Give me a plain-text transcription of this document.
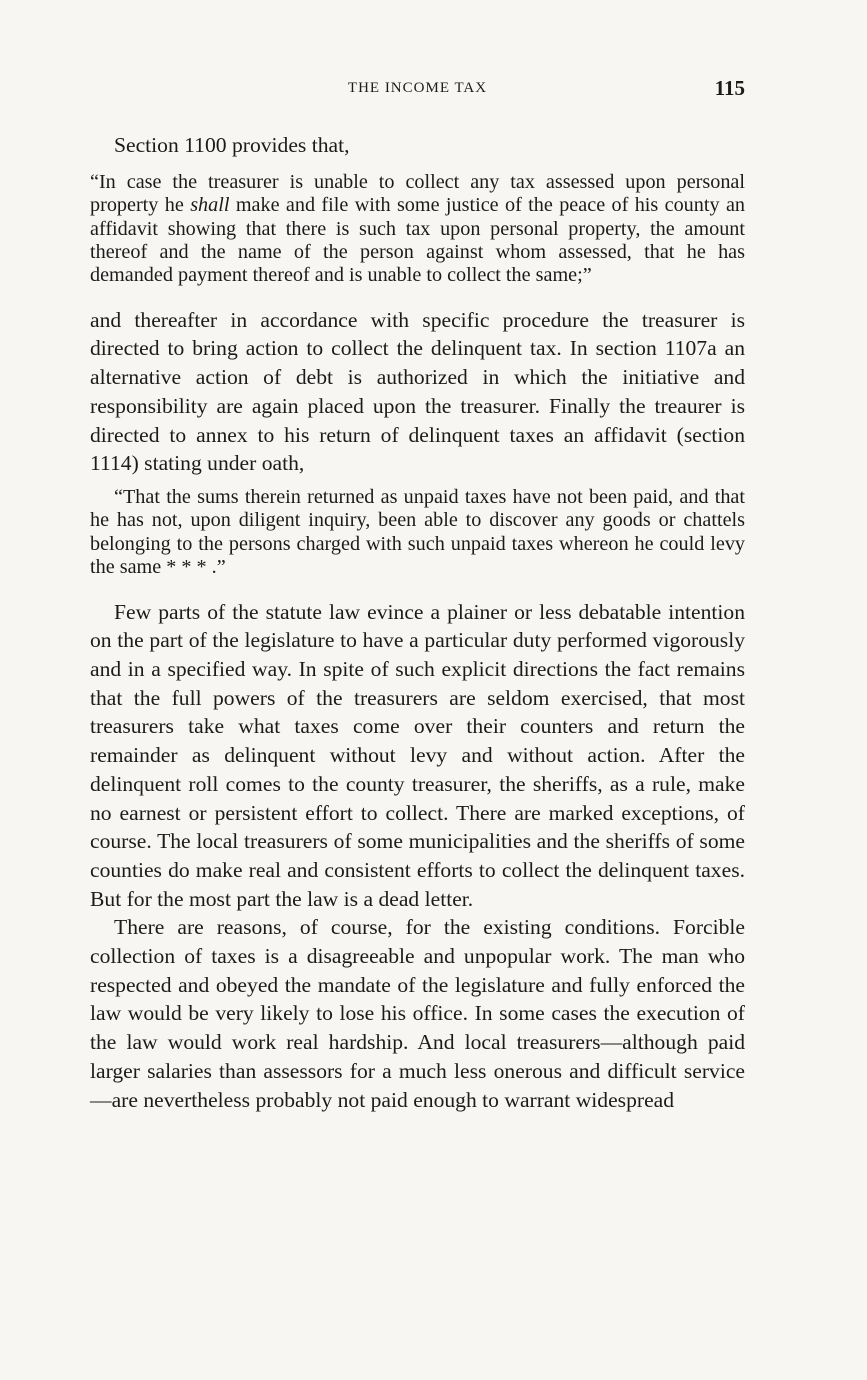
THE INCOME TAX	115

Section 1100 provides that,

“In case the treasurer is unable to collect any tax assessed upon personal property he shall make and file with some justice of the peace of his county an affidavit showing that there is such tax upon personal property, the amount thereof and the name of the person against whom assessed, that he has demanded payment thereof and is unable to collect the same;”

and thereafter in accordance with specific procedure the treasurer is directed to bring action to collect the delinquent tax. In section 1107a an alternative action of debt is authorized in which the initiative and responsibility are again placed upon the treasurer. Finally the treaurer is directed to annex to his return of delinquent taxes an affidavit (section 1114) stating under oath,

“That the sums therein returned as unpaid taxes have not been paid, and that he has not, upon diligent inquiry, been able to discover any goods or chattels belonging to the persons charged with such unpaid taxes whereon he could levy the same * * * .”

Few parts of the statute law evince a plainer or less debatable intention on the part of the legislature to have a particular duty performed vigorously and in a specified way. In spite of such explicit directions the fact remains that the full powers of the treasurers are seldom exercised, that most treasurers take what taxes come over their counters and return the remainder as delinquent without levy and without action. After the delinquent roll comes to the county treasurer, the sheriffs, as a rule, make no earnest or persistent effort to collect. There are marked exceptions, of course. The local treasurers of some municipalities and the sheriffs of some counties do make real and consistent efforts to collect the delinquent taxes. But for the most part the law is a dead letter.

There are reasons, of course, for the existing conditions. Forcible collection of taxes is a disagreeable and unpopular work. The man who respected and obeyed the mandate of the legislature and fully enforced the law would be very likely to lose his office. In some cases the execution of the law would work real hardship. And local treasurers—although paid larger salaries than assessors for a much less onerous and difficult service—are nevertheless probably not paid enough to warrant widespread
